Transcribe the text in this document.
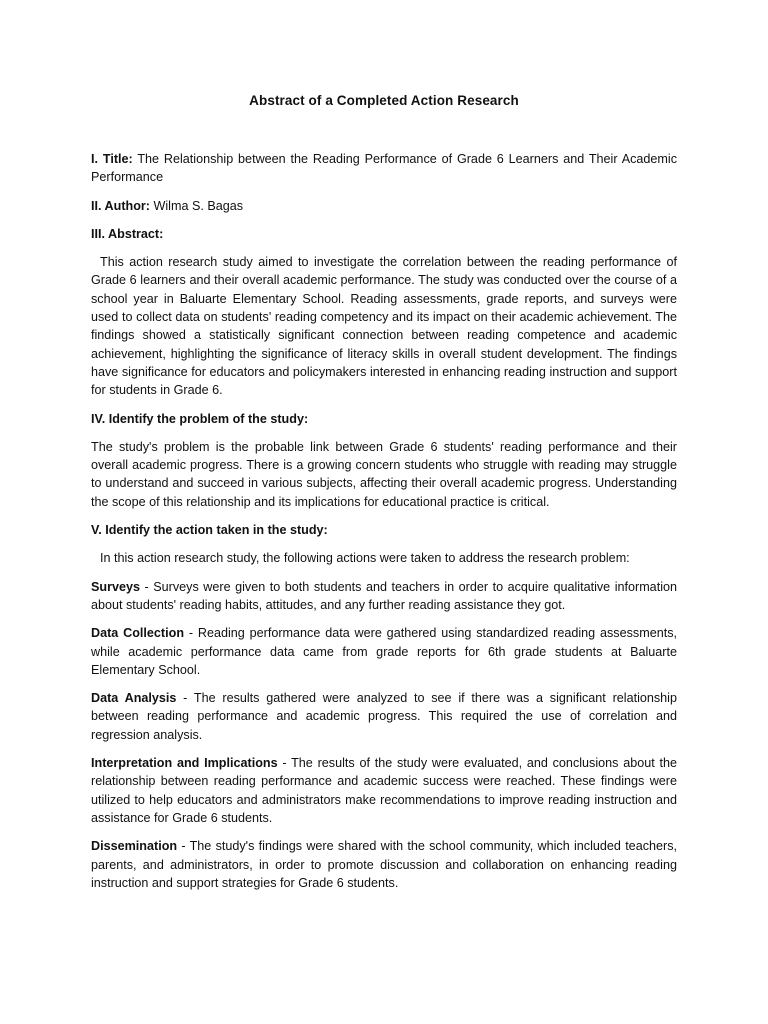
Abstract of a Completed Action Research

I. Title: The Relationship between the Reading Performance of Grade 6 Learners and Their Academic Performance

II. Author: Wilma S. Bagas

III. Abstract:

This action research study aimed to investigate the correlation between the reading performance of Grade 6 learners and their overall academic performance. The study was conducted over the course of a school year in Baluarte Elementary School. Reading assessments, grade reports, and surveys were used to collect data on students' reading competency and its impact on their academic achievement. The findings showed a statistically significant connection between reading competence and academic achievement, highlighting the significance of literacy skills in overall student development. The findings have significance for educators and policymakers interested in enhancing reading instruction and support for students in Grade 6.

IV. Identify the problem of the study:

The study's problem is the probable link between Grade 6 students' reading performance and their overall academic progress. There is a growing concern students who struggle with reading may struggle to understand and succeed in various subjects, affecting their overall academic progress. Understanding the scope of this relationship and its implications for educational practice is critical.

V. Identify the action taken in the study:

In this action research study, the following actions were taken to address the research problem:

Surveys - Surveys were given to both students and teachers in order to acquire qualitative information about students' reading habits, attitudes, and any further reading assistance they got.

Data Collection - Reading performance data were gathered using standardized reading assessments, while academic performance data came from grade reports for 6th grade students at Baluarte Elementary School.

Data Analysis - The results gathered were analyzed to see if there was a significant relationship between reading performance and academic progress. This required the use of correlation and regression analysis.

Interpretation and Implications - The results of the study were evaluated, and conclusions about the relationship between reading performance and academic success were reached. These findings were utilized to help educators and administrators make recommendations to improve reading instruction and assistance for Grade 6 students.

Dissemination - The study's findings were shared with the school community, which included teachers, parents, and administrators, in order to promote discussion and collaboration on enhancing reading instruction and support strategies for Grade 6 students.
